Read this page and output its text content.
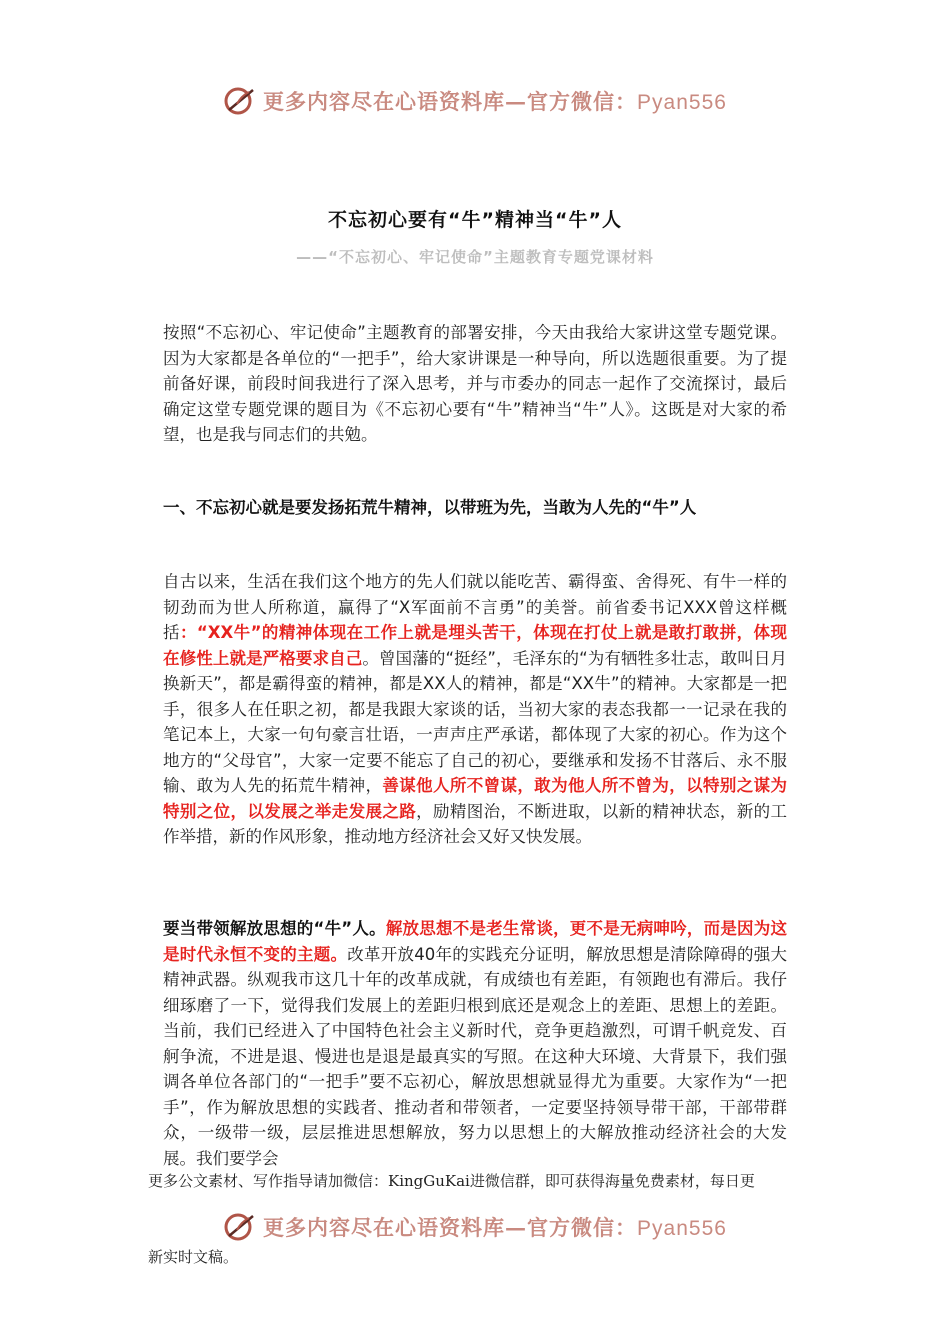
更多内容尽在心语资料库—官方微信：Pyan556
不忘初心要有“牛”精神当“牛”人
——“不忘初心、牢记使命”主题教育专题党课材料
按照“不忘初心、牢记使命”主题教育的部署安排，今天由我给大家讲这堂专题党课。因为大家都是各单位的“一把手”，给大家讲课是一种导向，所以选题很重要。为了提前备好课，前段时间我进行了深入思考，并与市委办的同志一起作了交流探讨，最后确定这堂专题党课的题目为《不忘初心要有“牛”精神当“牛”人》。这既是对大家的希望，也是我与同志们的共勉。
一、不忘初心就是要发扬拓荒牛精神，以带班为先，当敢为人先的“牛”人
自古以来，生活在我们这个地方的先人们就以能吃苦、霸得蛮、舍得死、有牛一样的韧劲而为世人所称道，赢得了“X军面前不言勇”的美誉。前省委书记XXX曾这样概括：“XX牛”的精神体现在工作上就是埋头苦干，体现在打仗上就是敢打敢拼，体现在修性上就是严格要求自己。曾国藩的“挺经”，毛泽东的“为有牺牲多壮志，敢叫日月换新天”，都是霸得蛮的精神，都是XX人的精神，都是“XX牛”的精神。大家都是一把手，很多人在任职之初，都是我跟大家谈的话，当初大家的表态我都一一记录在我的笔记本上，大家一句句豪言壮语，一声声庄严承诺，都体现了大家的初心。作为这个地方的“父母官”，大家一定要不能忘了自己的初心，要继承和发扬不甘落后、永不服输、敢为人先的拓荒牛精神，善谋他人所不曾谋，敢为他人所不曾为，以特别之谋为特别之位，以发展之举走发展之路，励精图治，不断进取，以新的精神状态，新的工作举措，新的作风形象，推动地方经济社会又好又快发展。
要当带领解放思想的“牛”人。解放思想不是老生常谈，更不是无病呻吟，而是因为这是时代永恒不变的主题。改革开放40年的实践充分证明，解放思想是清除障碍的强大精神武器。纵观我市这几十年的改革成就，有成绩也有差距，有领跑也有滞后。我仔细琢磨了一下，觉得我们发展上的差距归根到底还是观念上的差距、思想上的差距。当前，我们已经进入了中国特色社会主义新时代，竞争更趋激烈，可谓千帆竞发、百舸争流，不进是退、慢进也是退是最真实的写照。在这种大环境、大背景下，我们强调各单位各部门的“一把手”要不忘初心，解放思想就显得尤为重要。大家作为“一把手”，作为解放思想的实践者、推动者和带领者，一定要坚持领导带干部，干部带群众，一级带一级，层层推进思想解放，努力以思想上的大解放推动经济社会的大发展。我们要学会
更多公文素材、写作指导请加微信：KingGuKai进微信群，即可获得海量免费素材，每日更
更多内容尽在心语资料库—官方微信：Pyan556
新实时文稿。
